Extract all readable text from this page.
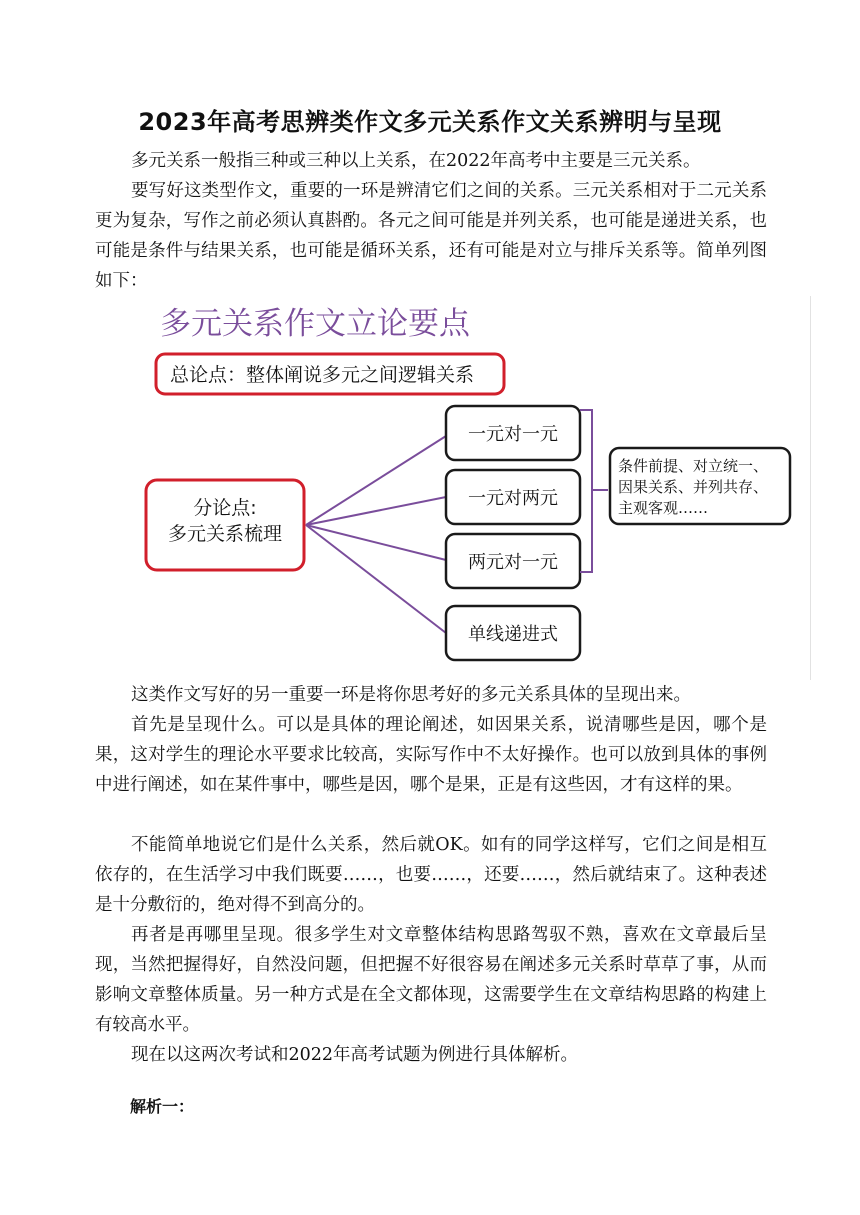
2023年高考思辨类作文多元关系作文关系辨明与呈现

多元关系一般指三种或三种以上关系，在2022年高考中主要是三元关系。

要写好这类型作文，重要的一环是辨清它们之间的关系。三元关系相对于二元关系更为复杂，写作之前必须认真斟酌。各元之间可能是并列关系，也可能是递进关系，也可能是条件与结果关系，也可能是循环关系，还有可能是对立与排斥关系等。简单列图如下：

多元关系作文立论要点
总论点：整体阐说多元之间逻辑关系
分论点:
多元关系梳理
一元对一元
一元对两元
两元对一元
单线递进式
条件前提、对立统一、
因果关系、并列共存、
主观客观……

这类作文写好的另一重要一环是将你思考好的多元关系具体的呈现出来。

首先是呈现什么。可以是具体的理论阐述，如因果关系，说清哪些是因，哪个是果，这对学生的理论水平要求比较高，实际写作中不太好操作。也可以放到具体的事例中进行阐述，如在某件事中，哪些是因，哪个是果，正是有这些因，才有这样的果。

不能简单地说它们是什么关系，然后就OK。如有的同学这样写，它们之间是相互依存的，在生活学习中我们既要……，也要……，还要……，然后就结束了。这种表述是十分敷衍的，绝对得不到高分的。

再者是再哪里呈现。很多学生对文章整体结构思路驾驭不熟，喜欢在文章最后呈现，当然把握得好，自然没问题，但把握不好很容易在阐述多元关系时草草了事，从而影响文章整体质量。另一种方式是在全文都体现，这需要学生在文章结构思路的构建上有较高水平。

现在以这两次考试和2022年高考试题为例进行具体解析。

解析一：
